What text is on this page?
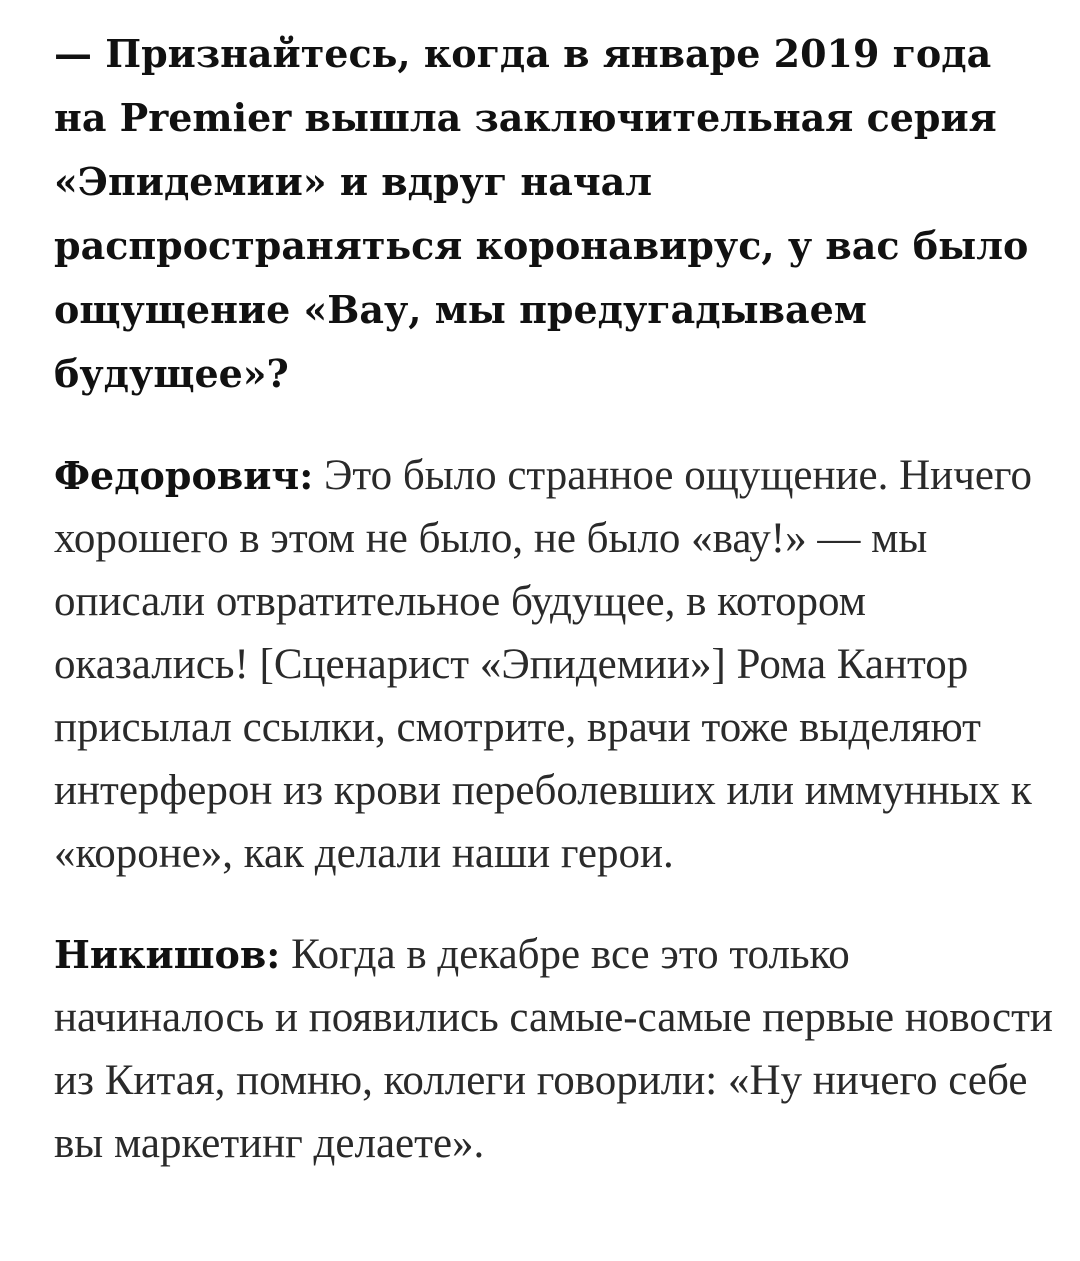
— Признайтесь, когда в январе 2019 года на Premier вышла заключительная серия «Эпидемии» и вдруг начал распространяться коронавирус, у вас было ощущение «Вау, мы предугадываем будущее»?

Федорович: Это было странное ощущение. Ничего хорошего в этом не было, не было «вау!» — мы описали отвратительное будущее, в котором оказались! [Сценарист «Эпидемии»] Рома Кантор присылал ссылки, смотрите, врачи тоже выделяют интерферон из крови переболевших или иммунных к «короне», как делали наши герои.

Никишов: Когда в декабре все это только начиналось и появились самые-самые первые новости из Китая, помню, коллеги говорили: «Ну ничего себе вы маркетинг делаете».
